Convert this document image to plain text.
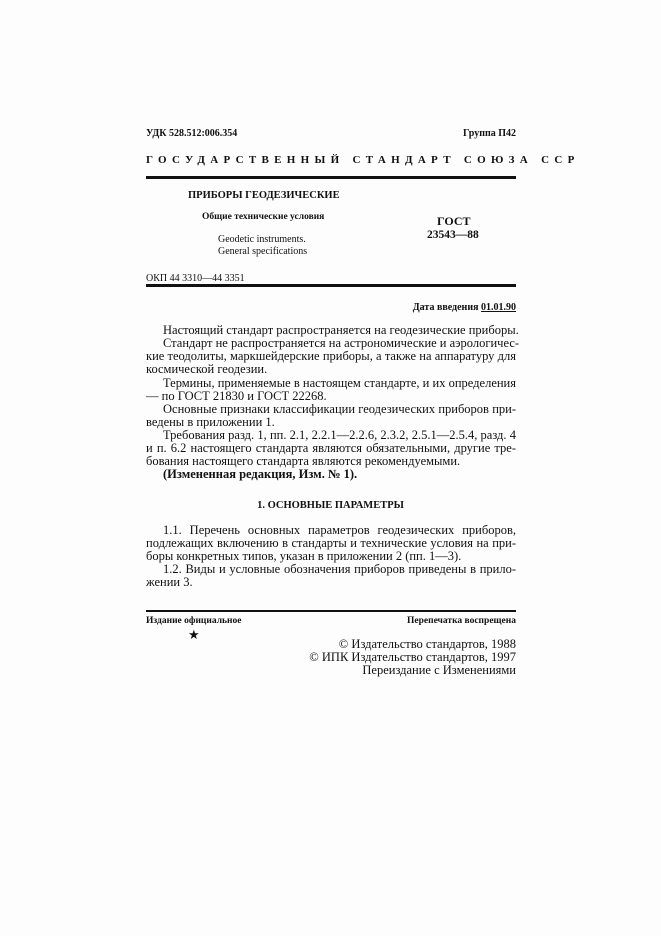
УДК 528.512:006.354	Группа П42
ГОСУДАРСТВЕННЫЙ СТАНДАРТ СОЮЗА ССР
ПРИБОРЫ ГЕОДЕЗИЧЕСКИЕ
Общие технические условия
Geodetic instruments.
General specifications
ГОСТ
23543—88
ОКП 44 3310—44 3351
Дата введения 01.01.90
Настоящий стандарт распространяется на геодезические приборы.
Стандарт не распространяется на астрономические и аэрологичес-
кие теодолиты, маркшейдерские приборы, а также на аппаратуру для
космической геодезии.
Термины, применяемые в настоящем стандарте, и их определения
— по ГОСТ 21830 и ГОСТ 22268.
Основные признаки классификации геодезических приборов при-
ведены в приложении 1.
Требования разд. 1, пп. 2.1, 2.2.1—2.2.6, 2.3.2, 2.5.1—2.5.4, разд. 4
и п. 6.2 настоящего стандарта являются обязательными, другие тре-
бования настоящего стандарта являются рекомендуемыми.
(Измененная редакция, Изм. № 1).
1. ОСНОВНЫЕ ПАРАМЕТРЫ
1.1. Перечень основных параметров геодезических приборов,
подлежащих включению в стандарты и технические условия на при-
боры конкретных типов, указан в приложении 2 (пп. 1—3).
1.2. Виды и условные обозначения приборов приведены в прило-
жении 3.
Издание официальное	Перепечатка воспрещена
★
© Издательство стандартов, 1988
© ИПК Издательство стандартов, 1997
Переиздание с Изменениями
